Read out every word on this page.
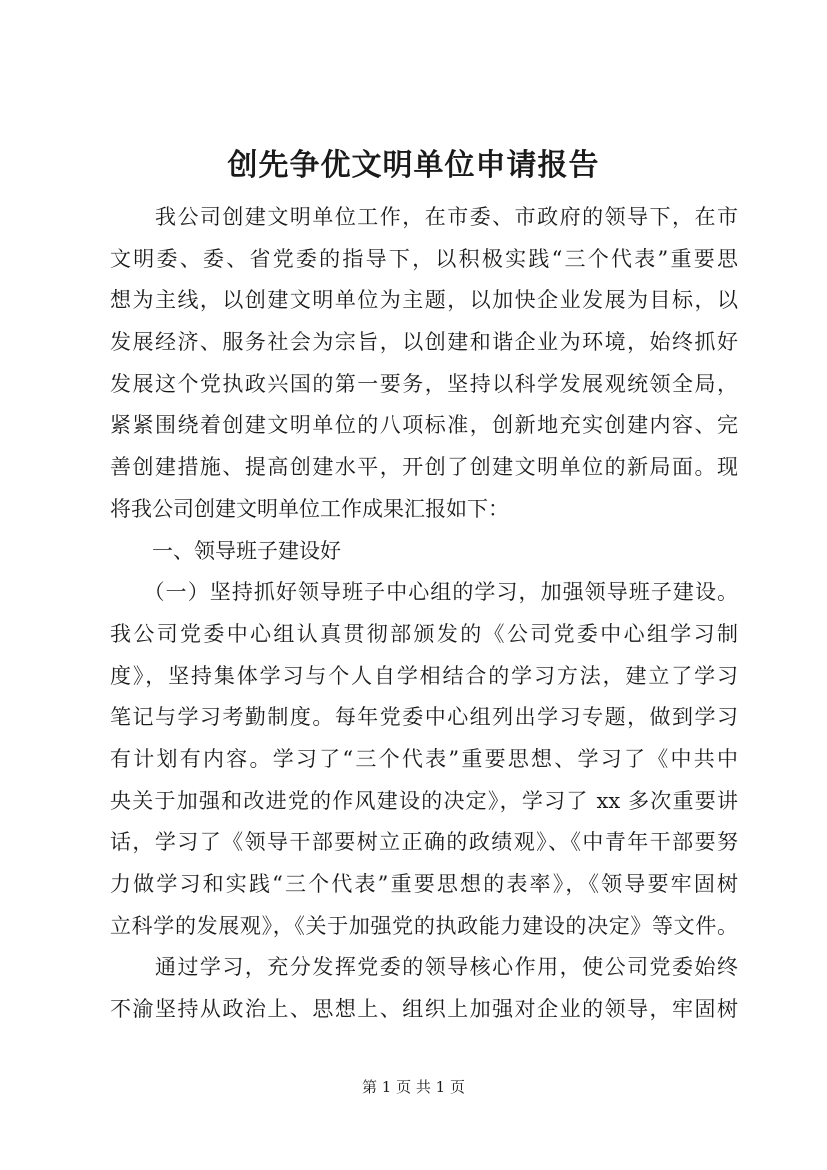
创先争优文明单位申请报告
　　我公司创建文明单位工作，在市委、市政府的领导下，在市
文明委、委、省党委的指导下，以积极实践“三个代表”重要思
想为主线，以创建文明单位为主题，以加快企业发展为目标，以
发展经济、服务社会为宗旨，以创建和谐企业为环境，始终抓好
发展这个党执政兴国的第一要务，坚持以科学发展观统领全局，
紧紧围绕着创建文明单位的八项标准，创新地充实创建内容、完
善创建措施、提高创建水平，开创了创建文明单位的新局面。现
将我公司创建文明单位工作成果汇报如下：
　　一、领导班子建设好
　　（一）坚持抓好领导班子中心组的学习，加强领导班子建设。
我公司党委中心组认真贯彻部颁发的《公司党委中心组学习制
度》，坚持集体学习与个人自学相结合的学习方法，建立了学习
笔记与学习考勤制度。每年党委中心组列出学习专题，做到学习
有计划有内容。学习了“三个代表”重要思想、学习了《中共中
央关于加强和改进党的作风建设的决定》，学习了 xx 多次重要讲
话，学习了《领导干部要树立正确的政绩观》、《中青年干部要努
力做学习和实践“三个代表”重要思想的表率》，《领导要牢固树
立科学的发展观》，《关于加强党的执政能力建设的决定》等文件。
　　通过学习，充分发挥党委的领导核心作用，使公司党委始终
不渝坚持从政治上、思想上、组织上加强对企业的领导，牢固树
第 1 页 共 1 页
